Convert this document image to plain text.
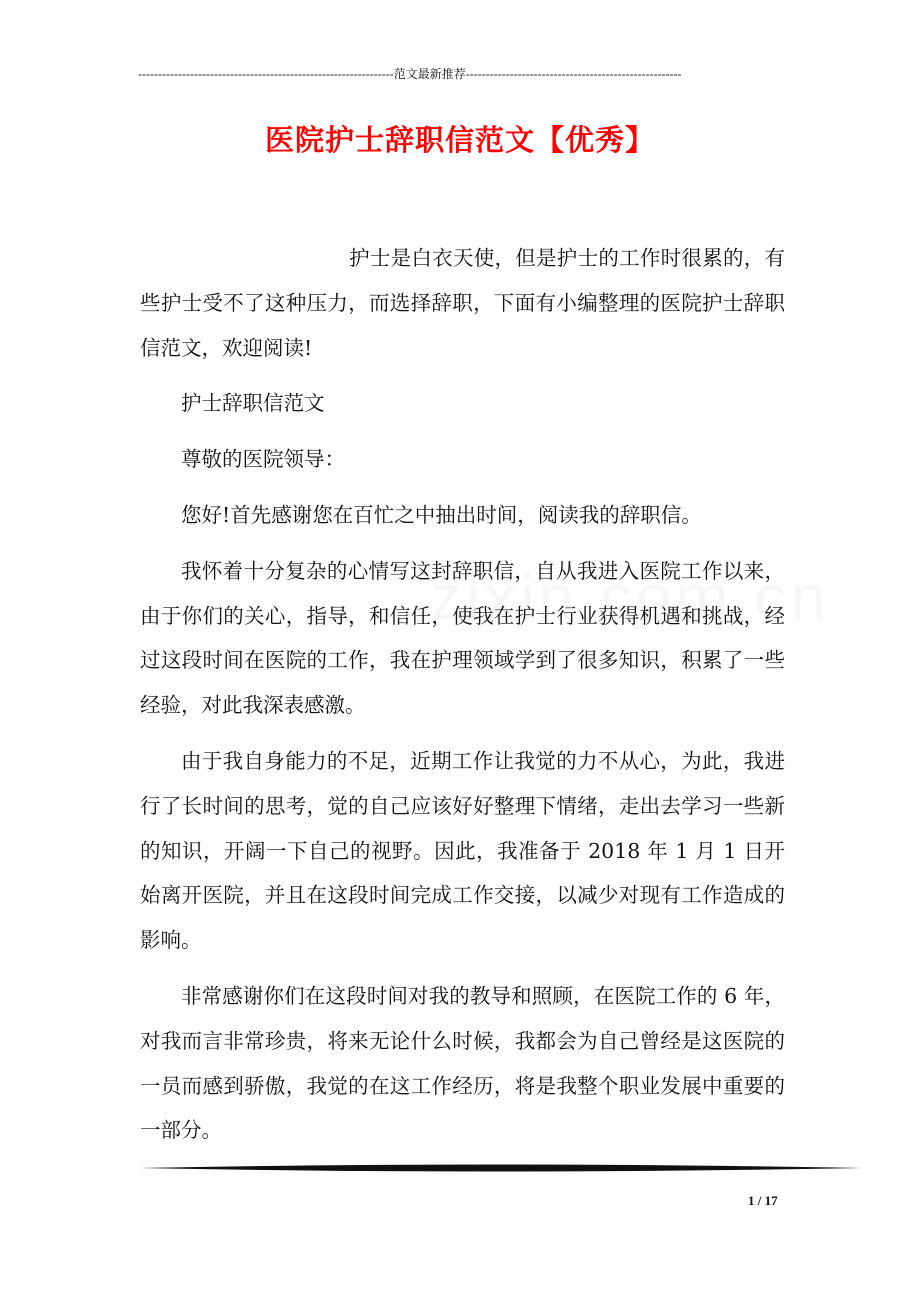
----------------------------------------------------------------范文最新推荐------------------------------------------------------
医院护士辞职信范文【优秀】

护士是白衣天使，但是护士的工作时很累的，有些护士受不了这种压力，而选择辞职，下面有小编整理的医院护士辞职信范文，欢迎阅读!

护士辞职信范文

尊敬的医院领导：

您好!首先感谢您在百忙之中抽出时间，阅读我的辞职信。

我怀着十分复杂的心情写这封辞职信，自从我进入医院工作以来，由于你们的关心，指导，和信任，使我在护士行业获得机遇和挑战，经过这段时间在医院的工作，我在护理领域学到了很多知识，积累了一些经验，对此我深表感激。

由于我自身能力的不足，近期工作让我觉的力不从心，为此，我进行了长时间的思考，觉的自己应该好好整理下情绪，走出去学习一些新的知识，开阔一下自己的视野。因此，我准备于 2018 年 1 月 1 日开始离开医院，并且在这段时间完成工作交接，以减少对现有工作造成的影响。

非常感谢你们在这段时间对我的教导和照顾，在医院工作的 6 年，对我而言非常珍贵，将来无论什么时候，我都会为自己曾经是这医院的一员而感到骄傲，我觉的在这工作经历，将是我整个职业发展中重要的一部分。

1 / 17
